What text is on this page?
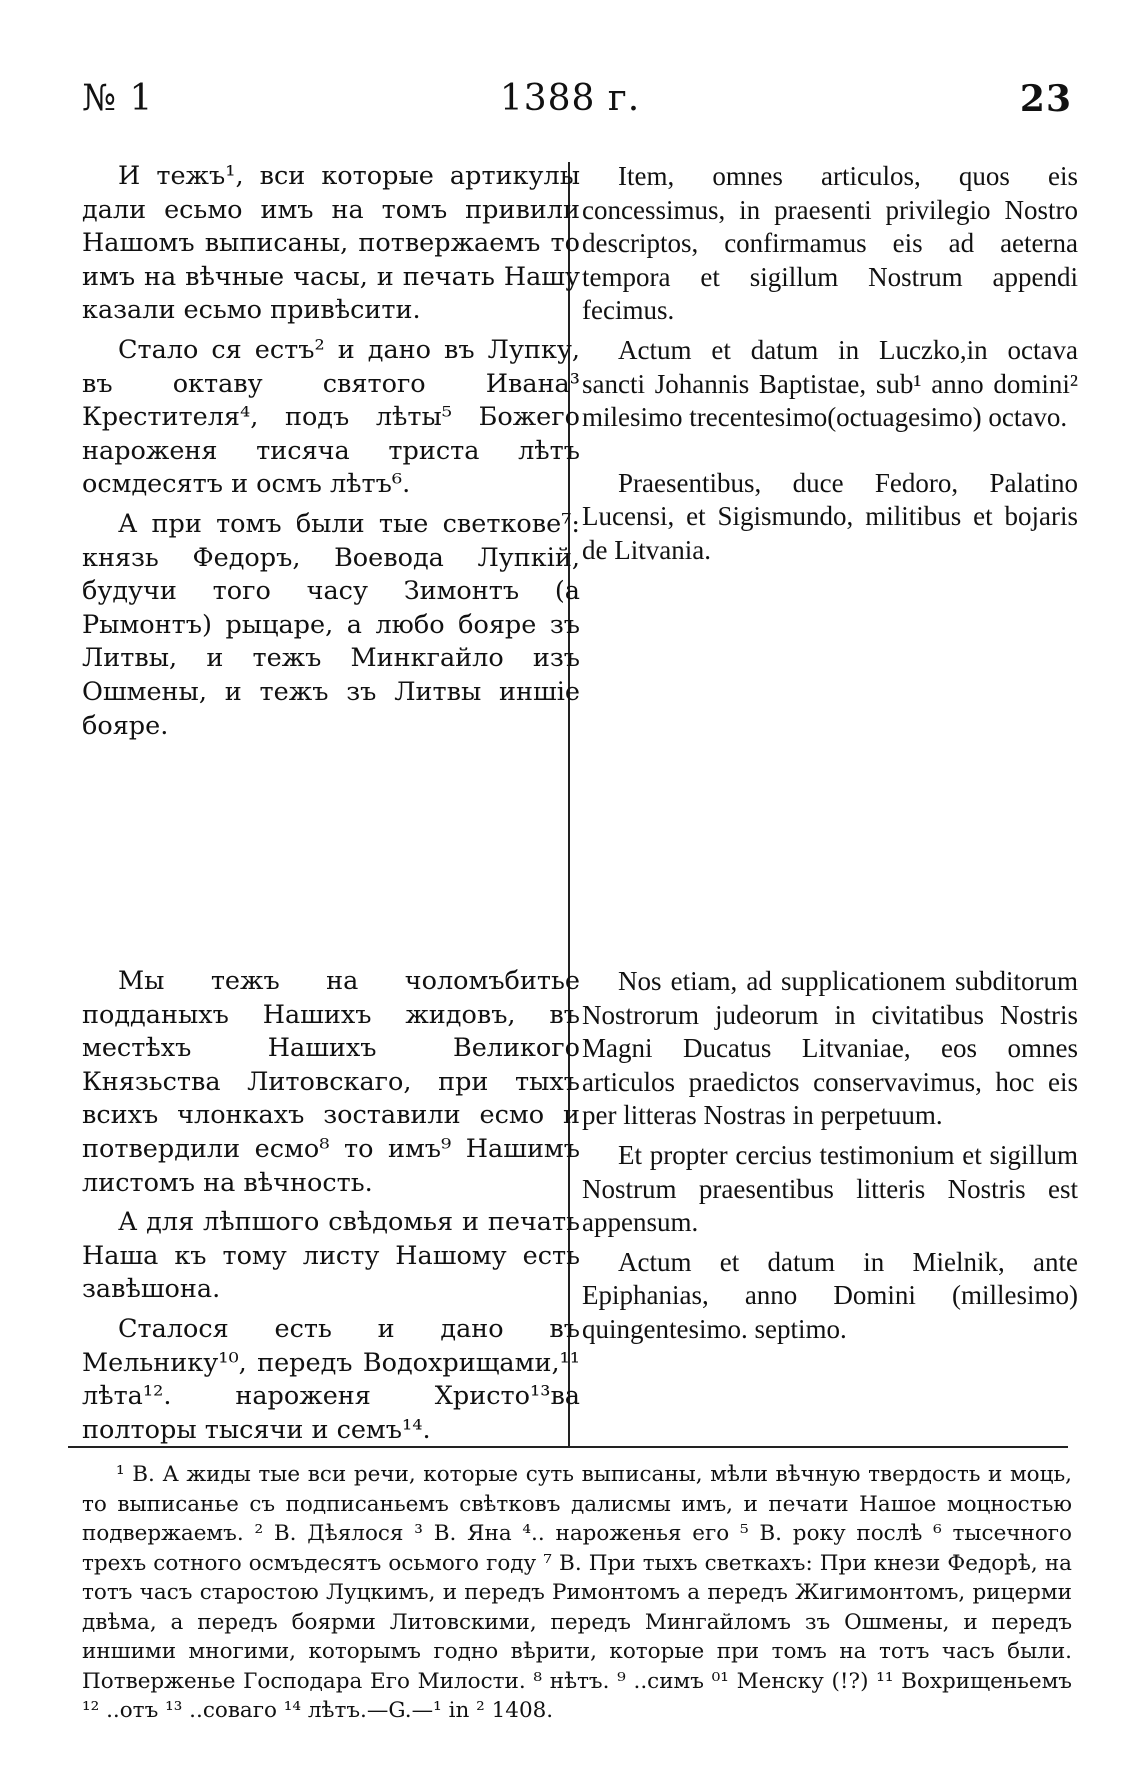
№ 1	1388 г.	23

И тежъ¹, вси которые артикулы дали есьмо имъ на томъ привили Нашомъ выписаны, потвержаемъ то имъ на вѣчные часы, и печать Нашу казали есьмо привѣсити.

Стало ся естъ² и дано въ Лупку, въ октаву святого Ивана³ Крестителя⁴, подъ лѣты⁵ Божего нароженя тисяча триста лѣтъ осмдесятъ и осмъ лѣтъ⁶.

А при томъ были тые светкове⁷: князь Федоръ, Воевода Лупкій, будучи того часу Зимонтъ (а Рымонтъ) рыцаре, а любо бояре зъ Литвы, и тежъ Минкгайло изъ Ошмены, и тежъ зъ Литвы иншіе бояре.

Item, omnes articulos, quos eis concessimus, in praesenti privilegio Nostro descriptos, confirmamus eis ad aeterna tempora et sigillum Nostrum appendi fecimus.

Actum et datum in Luczko,in octava sancti Johannis Baptistae, sub¹ anno domini² milesimo trecentesimo(octuagesimo) octavo.

Praesentibus, duce Fedoro, Palatino Lucensi, et Sigismundo, militibus et bojaris de Litvania.

Мы тежъ на чоломъбитье подданыхъ Нашихъ жидовъ, въ местѣхъ Нашихъ Великого Князьства Литовскаго, при тыхъ всихъ члонкахъ зоставили есмо и потвердили есмо⁸ то имъ⁹ Нашимъ листомъ на вѣчность.

А для лѣпшого свѣдомья и печать Наша къ тому листу Нашому есть завѣшона.

Сталося есть и дано въ Мельнику¹⁰, передъ Водохрищами,¹¹ лѣта¹². нароженя Христо¹³ва полторы тысячи и семъ¹⁴.

Nos etiam, ad supplicationem subditorum Nostrorum judeorum in civitatibus Nostris Magni Ducatus Litvaniae, eos omnes articulos praedictos conservavimus, hoc eis per litteras Nostras in perpetuum.

Et propter cercius testimonium et sigillum Nostrum praesentibus litteris Nostris est appensum.

Actum et datum in Mielnik, ante Epiphanias, anno Domini (millesimo) quingentesimo. septimo.

¹ B. А жиды тые вси речи, которые суть выписаны, мѣли вѣчную твердость и моць, то выписанье съ подписаньемъ свѣтковъ далисмы имъ, и печати Нашое моцностью подвержаемъ. ² B. Дѣялося ³ B. Яна ⁴.. нароженья его ⁵ B. року послѣ ⁶ тысечного трехъ сотного осмъдесятъ осьмого году ⁷ B. При тыхъ светкахъ: При кнези Федорѣ, на тотъ часъ старостою Луцкимъ, и передъ Римонтомъ а передъ Жигимонтомъ, рицерми двѣма, а передъ боярми Литовскими, передъ Мингайломъ зъ Ошмены, и передъ иншими многими, которымъ годно вѣрити, которые при томъ на тотъ часъ были. Потверженье Господара Его Милости. ⁸ нѣтъ. ⁹ ..симъ ⁰¹ Менску (!?) ¹¹ Вохрищеньемъ ¹² ..отъ ¹³ ..соваго ¹⁴ лѣтъ.—G.—¹ in ² 1408.
